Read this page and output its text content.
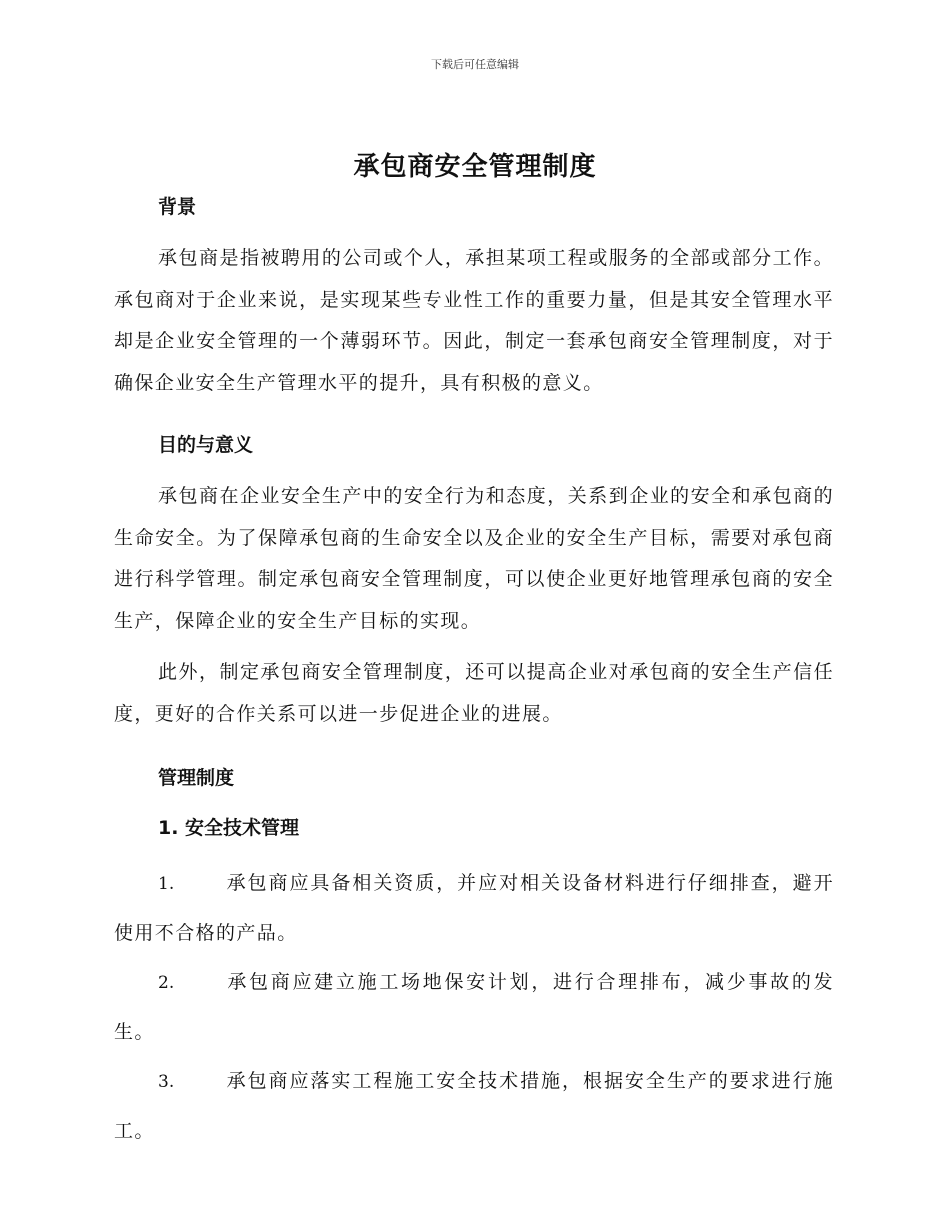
下载后可任意编辑
承包商安全管理制度

背景

承包商是指被聘用的公司或个人，承担某项工程或服务的全部或部分工作。承包商对于企业来说，是实现某些专业性工作的重要力量，但是其安全管理水平却是企业安全管理的一个薄弱环节。因此，制定一套承包商安全管理制度，对于确保企业安全生产管理水平的提升，具有积极的意义。

目的与意义

承包商在企业安全生产中的安全行为和态度，关系到企业的安全和承包商的生命安全。为了保障承包商的生命安全以及企业的安全生产目标，需要对承包商进行科学管理。制定承包商安全管理制度，可以使企业更好地管理承包商的安全生产，保障企业的安全生产目标的实现。

此外，制定承包商安全管理制度，还可以提高企业对承包商的安全生产信任度，更好的合作关系可以进一步促进企业的进展。

管理制度

1. 安全技术管理

1.	承包商应具备相关资质，并应对相关设备材料进行仔细排查，避开使用不合格的产品。

2.	承包商应建立施工场地保安计划，进行合理排布，减少事故的发生。

3.	承包商应落实工程施工安全技术措施，根据安全生产的要求进行施工。
